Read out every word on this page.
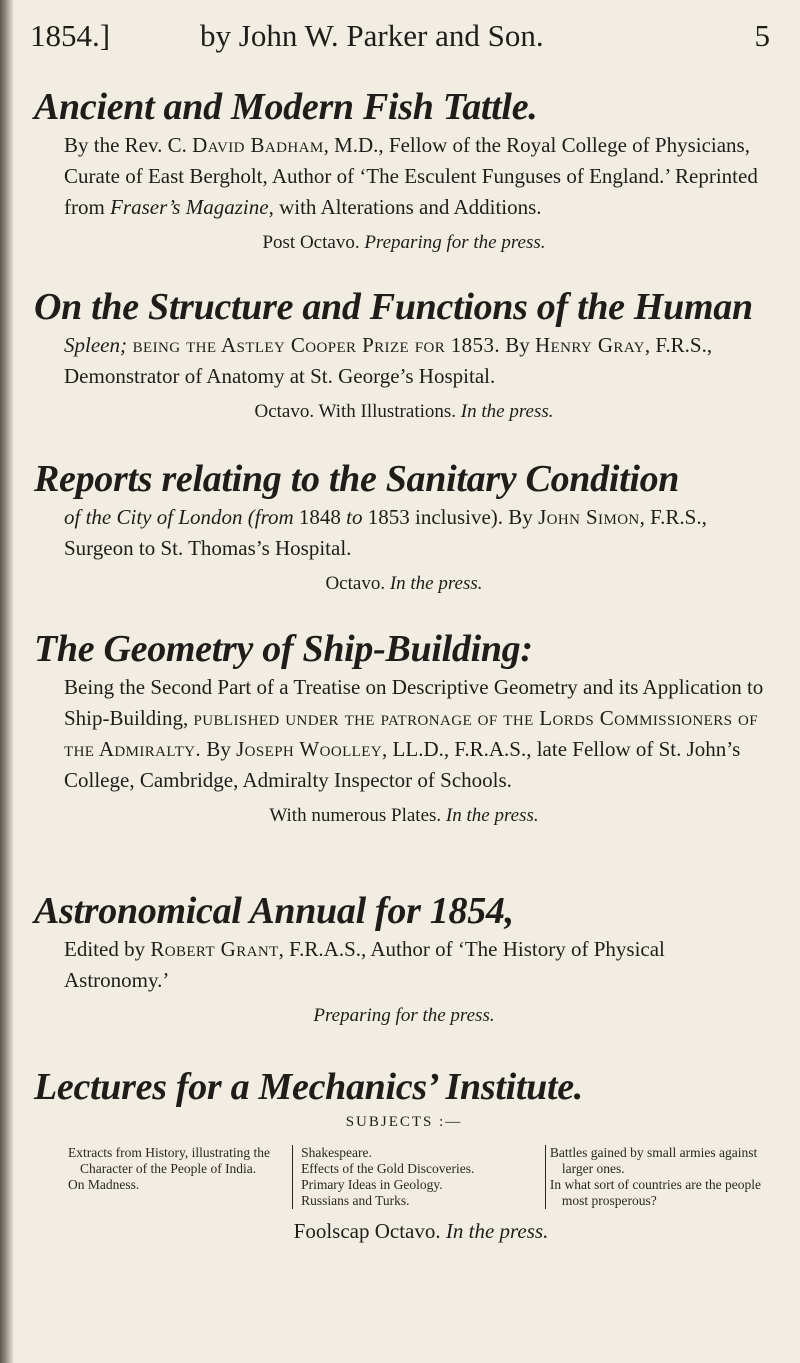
1854.]	by John W. Parker and Son.	5
Ancient and Modern Fish Tattle.
By the Rev. C. David Badham, M.D., Fellow of the Royal College of Physicians, Curate of East Bergholt, Author of ‘The Esculent Funguses of England.’ Reprinted from Fraser’s Magazine, with Alterations and Additions.
Post Octavo. Preparing for the press.
On the Structure and Functions of the Human
Spleen; being the Astley Cooper Prize for 1853. By Henry Gray, F.R.S., Demonstrator of Anatomy at St. George’s Hospital.
Octavo. With Illustrations. In the press.
Reports relating to the Sanitary Condition
of the City of London (from 1848 to 1853 inclusive). By John Simon, F.R.S., Surgeon to St. Thomas’s Hospital.
Octavo. In the press.
The Geometry of Ship-Building:
Being the Second Part of a Treatise on Descriptive Geometry and its Application to Ship-Building, published under the patronage of the Lords Commissioners of the Admiralty. By Joseph Woolley, LL.D., F.R.A.S., late Fellow of St. John’s College, Cambridge, Admiralty Inspector of Schools.
With numerous Plates. In the press.
Astronomical Annual for 1854,
Edited by Robert Grant, F.R.A.S., Author of ‘The History of Physical Astronomy.’
Preparing for the press.
Lectures for a Mechanics’ Institute.
SUBJECTS :—
Extracts from History, illustrating the Character of the People of India.
On Madness.
Shakespeare.
Effects of the Gold Discoveries.
Primary Ideas in Geology.
Russians and Turks.
Battles gained by small armies against larger ones.
In what sort of countries are the people most prosperous?
Foolscap Octavo. In the press.
